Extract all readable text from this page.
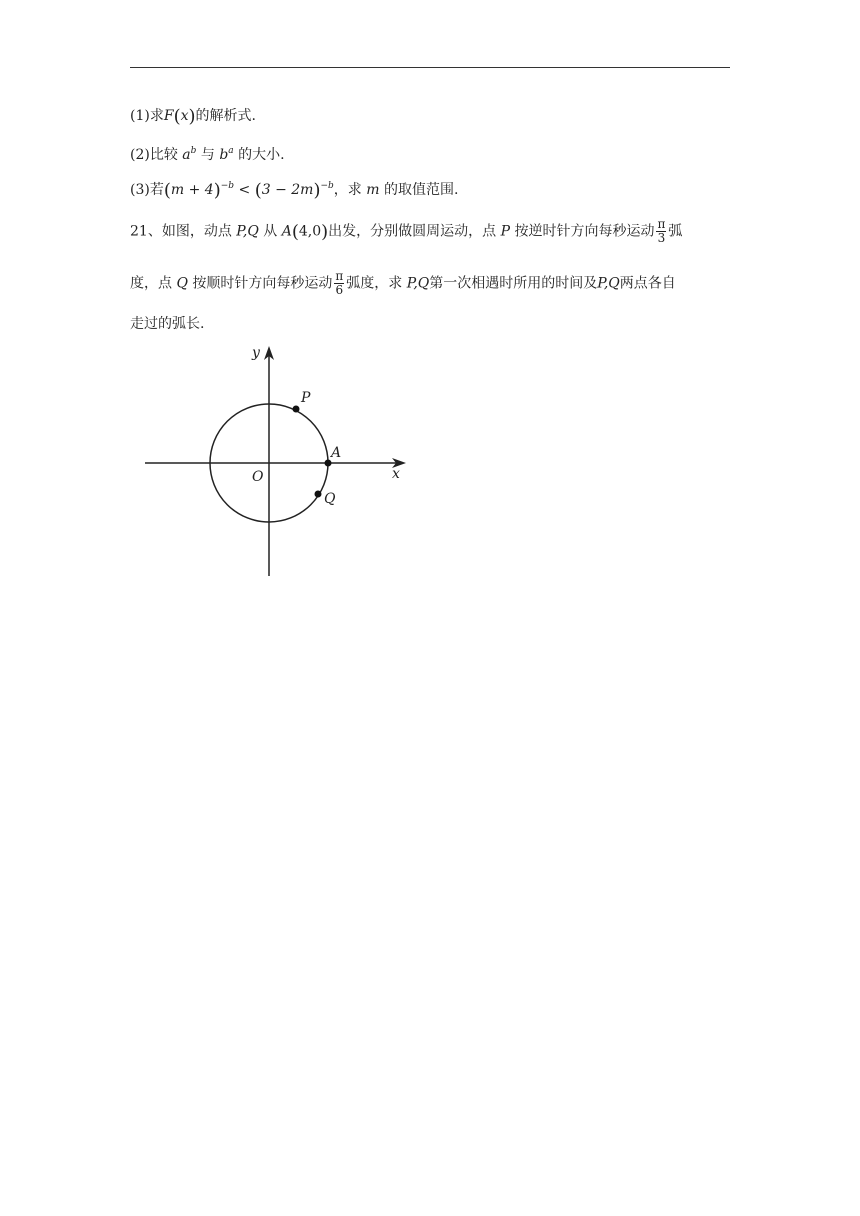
(1)求F(x)的解析式.
(2)比较 $a^b$ 与 $b^a$ 的大小.
(3)若$(m + 4)^{-b} < (3 - 2m)^{-b}$，求 m 的取值范围.
21、如图，动点 P,Q 从 A(4,0)出发，分别做圆周运动，点 P 按逆时针方向每秒运动 $\frac{\pi}{3}$ 弧
度，点 Q 按顺时针方向每秒运动 $\frac{\pi}{6}$ 弧度，求 P,Q第一次相遇时所用的时间及P,Q两点各自
走过的弧长.
y
x
O
A
P
Q
